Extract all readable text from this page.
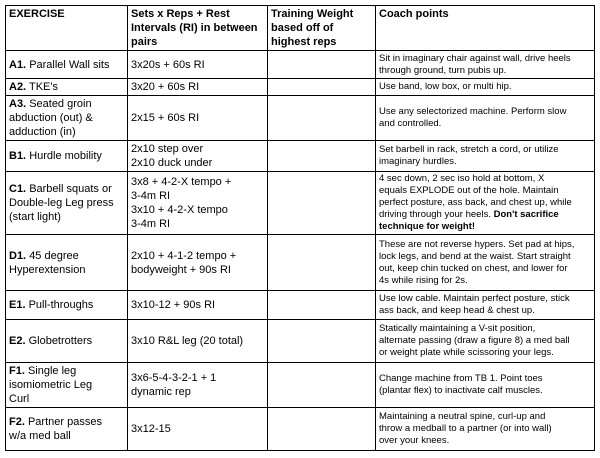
EXERCISE	Sets x Reps + Rest
Intervals (RI) in between
pairs	Training Weight
based off of
highest reps	Coach points

A1. Parallel Wall sits	3x20s + 60s RI		Sit in imaginary chair against wall, drive heels
through ground, turn pubis up.

A2. TKE's	3x20 + 60s RI		Use band, low box, or multi hip.

A3. Seated groin
abduction (out) &
adduction (in)	2x15 + 60s RI		Use any selectorized machine. Perform slow
and controlled.

B1. Hurdle mobility	2x10 step over
2x10 duck under		Set barbell in rack, stretch a cord, or utilize
imaginary hurdles.

C1. Barbell squats or
Double-leg Leg press
(start light)	3x8 + 4-2-X tempo +
3-4m RI
3x10 + 4-2-X tempo
3-4m RI		4 sec down, 2 sec iso hold at bottom, X
equals EXPLODE out of the hole. Maintain
perfect posture, ass back, and chest up, while
driving through your heels. Don't sacrifice
technique for weight!

D1. 45 degree
Hyperextension	2x10 + 4-1-2 tempo +
bodyweight + 90s RI		These are not reverse hypers. Set pad at hips,
lock legs, and bend at the waist. Start straight
out, keep chin tucked on chest, and lower for
4s while rising for 2s.

E1. Pull-throughs	3x10-12 + 90s RI		Use low cable. Maintain perfect posture, stick
ass back, and keep head & chest up.

E2. Globetrotters	3x10 R&L leg (20 total)		Statically maintaining a V-sit position,
alternate passing (draw a figure 8) a med ball
or weight plate while scissoring your legs.

F1. Single leg
isomiometric Leg
Curl	3x6-5-4-3-2-1 + 1
dynamic rep		Change machine from TB 1. Point toes
(plantar flex) to inactivate calf muscles.

F2. Partner passes
w/a med ball	3x12-15		Maintaining a neutral spine, curl-up and
throw a medball to a partner (or into wall)
over your knees.
